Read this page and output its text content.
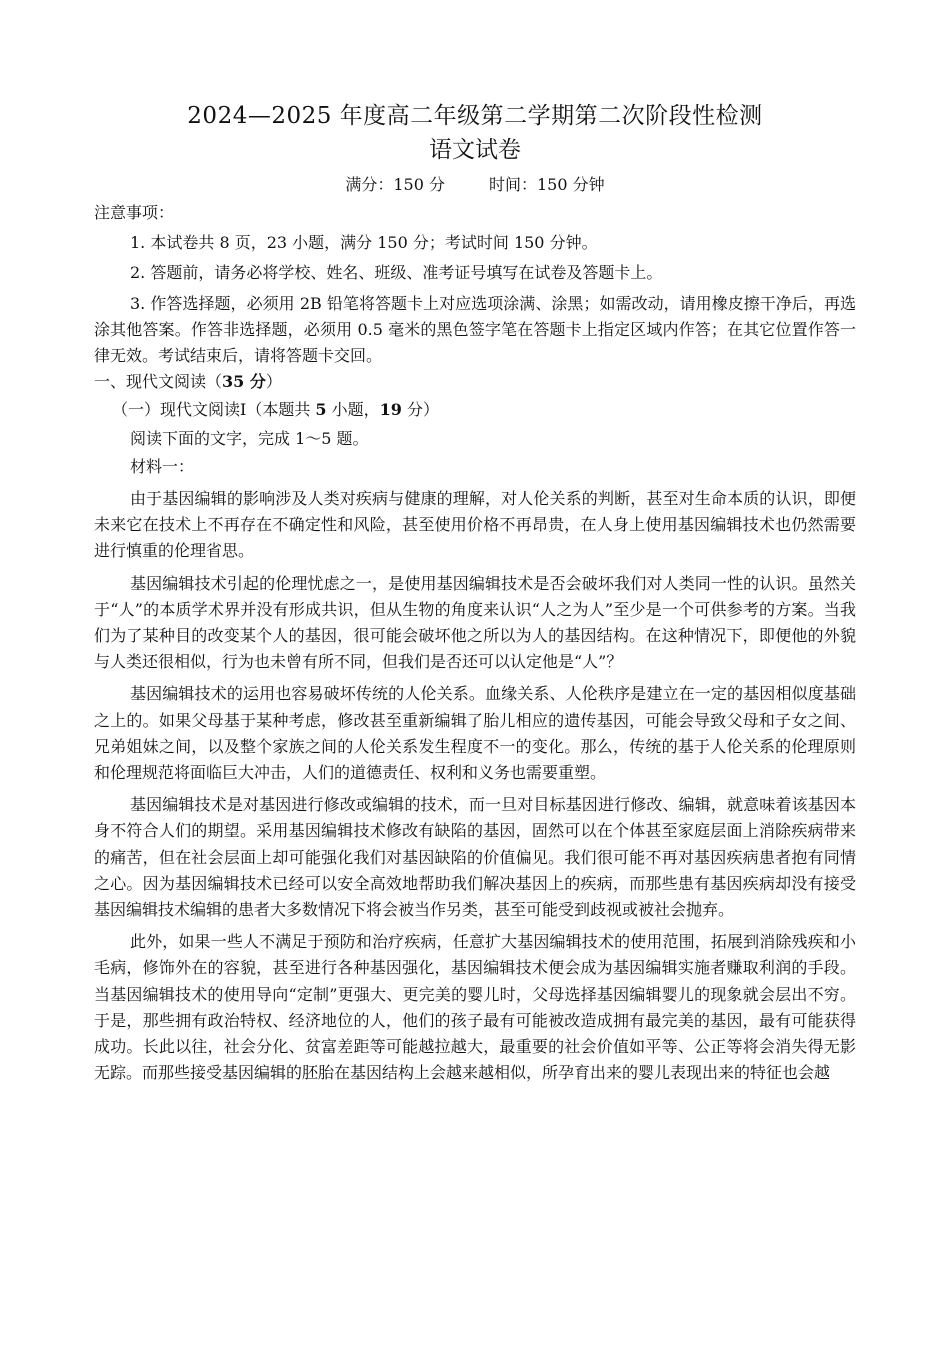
2024—2025 年度高二年级第二学期第二次阶段性检测

语文试卷

满分：150 分	时间：150 分钟

注意事项：

1. 本试卷共 8 页，23 小题，满分 150 分；考试时间 150 分钟。

2. 答题前，请务必将学校、姓名、班级、准考证号填写在试卷及答题卡上。

3. 作答选择题，必须用 2B 铅笔将答题卡上对应选项涂满、涂黑；如需改动，请用橡皮擦干净后，再选涂其他答案。作答非选择题，必须用 0.5 毫米的黑色签字笔在答题卡上指定区域内作答；在其它位置作答一律无效。考试结束后，请将答题卡交回。

一、现代文阅读（35 分）

（一）现代文阅读Ⅰ（本题共 5 小题，19 分）

阅读下面的文字，完成 1～5 题。

材料一：

由于基因编辑的影响涉及人类对疾病与健康的理解，对人伦关系的判断，甚至对生命本质的认识，即便未来它在技术上不再存在不确定性和风险，甚至使用价格不再昂贵，在人身上使用基因编辑技术也仍然需要进行慎重的伦理省思。

基因编辑技术引起的伦理忧虑之一，是使用基因编辑技术是否会破坏我们对人类同一性的认识。虽然关于“人”的本质学术界并没有形成共识，但从生物的角度来认识“人之为人”至少是一个可供参考的方案。当我们为了某种目的改变某个人的基因，很可能会破坏他之所以为人的基因结构。在这种情况下，即便他的外貌与人类还很相似，行为也未曾有所不同，但我们是否还可以认定他是“人”？

基因编辑技术的运用也容易破坏传统的人伦关系。血缘关系、人伦秩序是建立在一定的基因相似度基础之上的。如果父母基于某种考虑，修改甚至重新编辑了胎儿相应的遗传基因，可能会导致父母和子女之间、兄弟姐妹之间，以及整个家族之间的人伦关系发生程度不一的变化。那么，传统的基于人伦关系的伦理原则和伦理规范将面临巨大冲击，人们的道德责任、权利和义务也需要重塑。

基因编辑技术是对基因进行修改或编辑的技术，而一旦对目标基因进行修改、编辑，就意味着该基因本身不符合人们的期望。采用基因编辑技术修改有缺陷的基因，固然可以在个体甚至家庭层面上消除疾病带来的痛苦，但在社会层面上却可能强化我们对基因缺陷的价值偏见。我们很可能不再对基因疾病患者抱有同情之心。因为基因编辑技术已经可以安全高效地帮助我们解决基因上的疾病，而那些患有基因疾病却没有接受基因编辑技术编辑的患者大多数情况下将会被当作另类，甚至可能受到歧视或被社会抛弃。

此外，如果一些人不满足于预防和治疗疾病，任意扩大基因编辑技术的使用范围，拓展到消除残疾和小毛病，修饰外在的容貌，甚至进行各种基因强化，基因编辑技术便会成为基因编辑实施者赚取利润的手段。当基因编辑技术的使用导向“定制”更强大、更完美的婴儿时，父母选择基因编辑婴儿的现象就会层出不穷。于是，那些拥有政治特权、经济地位的人，他们的孩子最有可能被改造成拥有最完美的基因，最有可能获得成功。长此以往，社会分化、贫富差距等可能越拉越大，最重要的社会价值如平等、公正等将会消失得无影无踪。而那些接受基因编辑的胚胎在基因结构上会越来越相似，所孕育出来的婴儿表现出来的特征也会越
